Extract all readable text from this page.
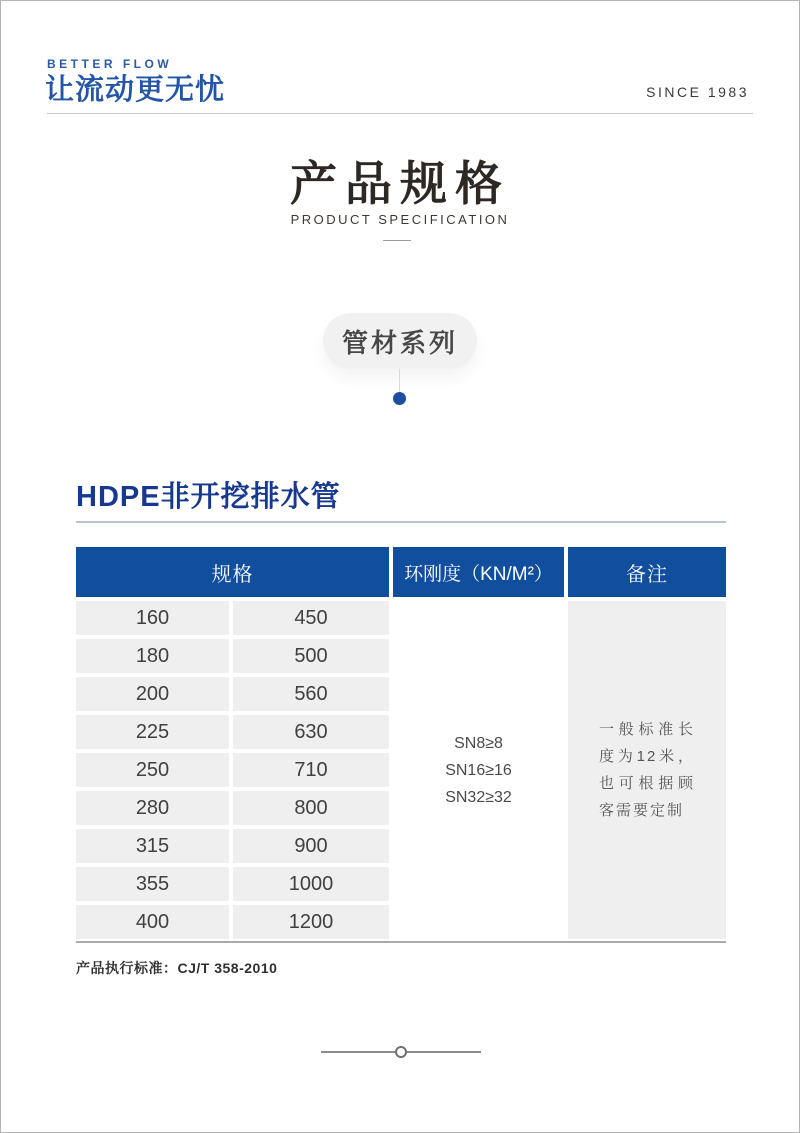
BETTER FLOW
让流动更无忧	SINCE 1983
产品规格
PRODUCT SPECIFICATION
管材系列
HDPE非开挖排水管
规格	环刚度（KN/M²）	备注
160	450
180	500
200	560
225	630
250	710
280	800
315	900
355	1000
400	1200
SN8≥8
SN16≥16
SN32≥32
一般标准长度为12米，也可根据顾客需要定制
产品执行标准：CJ/T 358-2010
